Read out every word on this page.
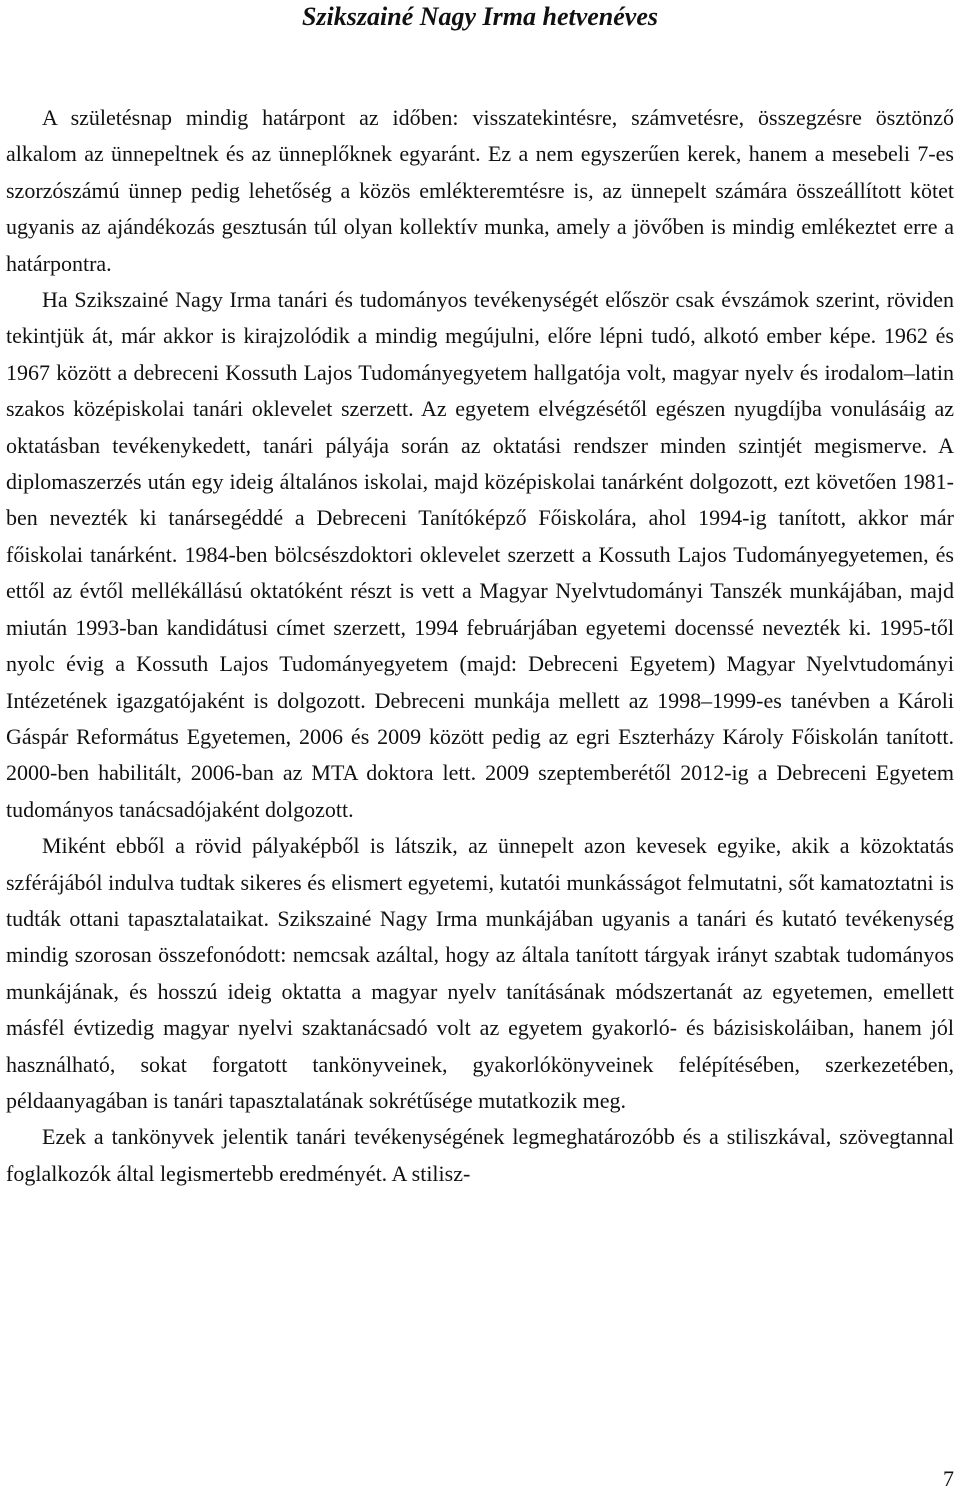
Szikszainé Nagy Irma hetvenéves

A születésnap mindig határpont az időben: visszatekintésre, számvetésre, összegzésre ösztönző alkalom az ünnepeltnek és az ünneplőknek egyaránt. Ez a nem egyszerűen kerek, hanem a mesebeli 7-es szorzószámú ünnep pedig lehetőség a közös emlékteremtésre is, az ünnepelt számára összeállított kötet ugyanis az ajándékozás gesztusán túl olyan kollektív munka, amely a jövőben is mindig emlékeztet erre a határpontra.

Ha Szikszainé Nagy Irma tanári és tudományos tevékenységét először csak évszámok szerint, röviden tekintjük át, már akkor is kirajzolódik a mindig megújulni, előre lépni tudó, alkotó ember képe. 1962 és 1967 között a debreceni Kossuth Lajos Tudományegyetem hallgatója volt, magyar nyelv és irodalom–latin szakos középiskolai tanári oklevelet szerzett. Az egyetem elvégzésétől egészen nyugdíjba vonulásáig az oktatásban tevékenykedett, tanári pályája során az oktatási rendszer minden szintjét megismerve. A diplomaszerzés után egy ideig általános iskolai, majd középiskolai tanárként dolgozott, ezt követően 1981-ben nevezték ki tanársegéddé a Debreceni Tanítóképző Főiskolára, ahol 1994-ig tanított, akkor már főiskolai tanárként. 1984-ben bölcsészdoktori oklevelet szerzett a Kossuth Lajos Tudományegyetemen, és ettől az évtől mellékállású oktatóként részt is vett a Magyar Nyelvtudományi Tanszék munkájában, majd miután 1993-ban kandidátusi címet szerzett, 1994 februárjában egyetemi docenssé nevezték ki. 1995-től nyolc évig a Kossuth Lajos Tudományegyetem (majd: Debreceni Egyetem) Magyar Nyelvtudományi Intézetének igazgatójaként is dolgozott. Debreceni munkája mellett az 1998–1999-es tanévben a Károli Gáspár Református Egyetemen, 2006 és 2009 között pedig az egri Eszterházy Károly Főiskolán tanított. 2000-ben habilitált, 2006-ban az MTA doktora lett. 2009 szeptemberétől 2012-ig a Debreceni Egyetem tudományos tanácsadójaként dolgozott.

Miként ebből a rövid pályaképből is látszik, az ünnepelt azon kevesek egyike, akik a közoktatás szférájából indulva tudtak sikeres és elismert egyetemi, kutatói munkásságot felmutatni, sőt kamatoztatni is tudták ottani tapasztalataikat. Szikszainé Nagy Irma munkájában ugyanis a tanári és kutató tevékenység mindig szorosan összefonódott: nemcsak azáltal, hogy az általa tanított tárgyak irányt szabtak tudományos munkájának, és hosszú ideig oktatta a magyar nyelv tanításának módszertanát az egyetemen, emellett másfél évtizedig magyar nyelvi szaktanácsadó volt az egyetem gyakorló- és bázisiskoláiban, hanem jól használható, sokat forgatott tankönyveinek, gyakorlókönyveinek felépítésében, szerkezetében, példaanyagában is tanári tapasztalatának sokrétűsége mutatkozik meg.

Ezek a tankönyvek jelentik tanári tevékenységének legmeghatározóbb és a stiliszkával, szövegtannal foglalkozók által legismertebb eredményét. A stilisz-

7
